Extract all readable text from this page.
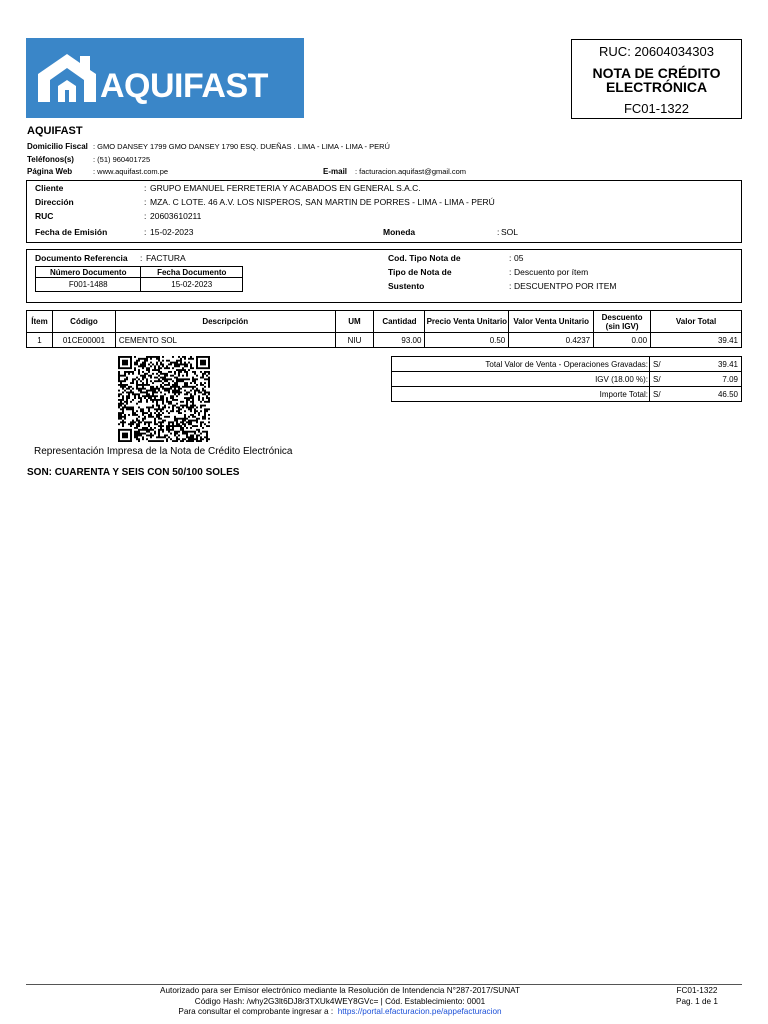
AQUIFAST
RUC: 20604034303
NOTA DE CRÉDITO
ELECTRÓNICA
FC01-1322
AQUIFAST
Domicilio Fiscal : GMO DANSEY 1799 GMO DANSEY 1790 ESQ. DUEÑAS . LIMA - LIMA - LIMA - PERÚ
Teléfonos(s)	: (51) 960401725
Página Web	: www.aquifast.com.pe	E-mail : facturacion.aquifast@gmail.com
Cliente	: GRUPO EMANUEL FERRETERIA Y ACABADOS EN GENERAL S.A.C.
Dirección	: MZA. C LOTE. 46 A.V. LOS NISPEROS, SAN MARTIN DE PORRES - LIMA - LIMA - PERÚ
RUC	: 20603610211
Fecha de Emisión	: 15-02-2023	Moneda	: SOL
Documento Referencia : FACTURA
Número Documento	Fecha Documento
F001-1488	15-02-2023
Cod. Tipo Nota de	: 05
Tipo de Nota de	: Descuento por ítem
Sustento	: DESCUENTPO POR ITEM
Ítem	Código	Descripción	UM	Cantidad	Precio Venta Unitario	Valor Venta Unitario	Descuento (sin IGV)	Valor Total
1	01CE00001	CEMENTO SOL	NIU	93.00	0.50	0.4237	0.00	39.41
Total Valor de Venta - Operaciones Gravadas:	S/	39.41
IGV (18.00 %):	S/	7.09
Importe Total:	S/	46.50
Representación Impresa de la Nota de Crédito Electrónica
SON: CUARENTA Y SEIS CON 50/100 SOLES
Autorizado para ser Emisor electrónico mediante la Resolución de Intendencia N°287-2017/SUNAT
Código Hash: /why2G3lt6DJ8r3TXUk4WEY8GVc= | Cód. Establecimiento: 0001
Para consultar el comprobante ingresar a : https://portal.efacturacion.pe/appefacturacion
FC01-1322
Pag. 1 de 1
